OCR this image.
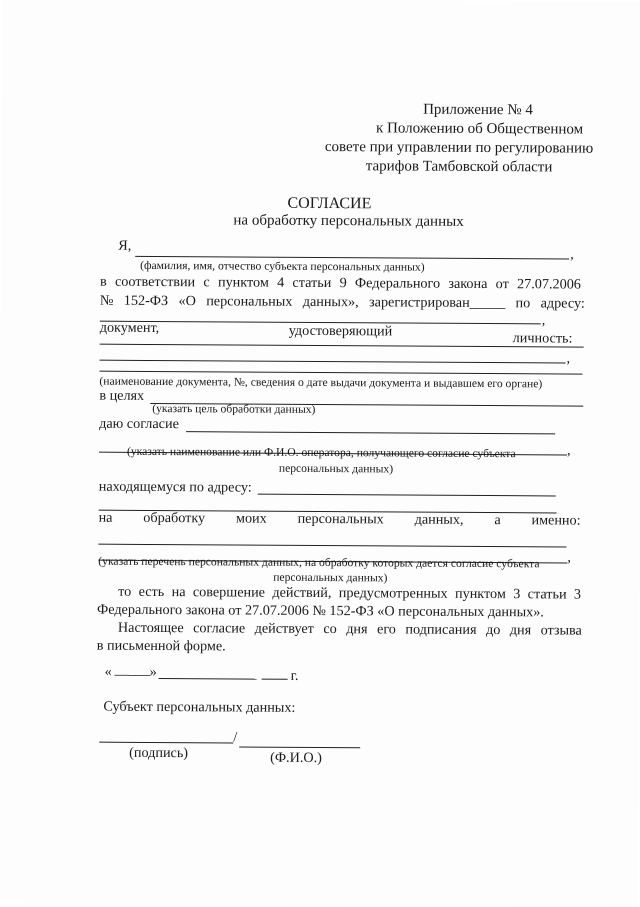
Приложение № 4
к Положению об Общественном
совете при управлении по регулированию
тарифов Тамбовской области
СОГЛАСИЕ
на обработку персональных данных
Я,
,
(фамилия, имя, отчество субъекта персональных данных)
в соответствии с пунктом 4 статьи 9 Федерального закона от 27.07.2006
№ 152-ФЗ «О персональных данных», зарегистрирован_____ по адресу:
,
документ,	удостоверяющий	личность:
,
(наименование документа, №, сведения о дате выдачи документа и выдавшем его органе)
в целях
(указать цель обработки данных)
даю согласие
,
(указать наименование или Ф.И.О. оператора, получающего согласие субъекта
персональных данных)
находящемуся по адресу:
на обработку моих персональных данных, а именно:
,
(указать перечень персональных данных, на обработку которых дается согласие субъекта
персональных данных)
то есть на совершение действий, предусмотренных пунктом 3 статьи 3
Федерального закона от 27.07.2006 № 152-ФЗ «О персональных данных».
Настоящее согласие действует со дня его подписания до дня отзыва
в письменной форме.
« _____ »	г.
Субъект персональных данных:
/
(подпись)	(Ф.И.О.)
